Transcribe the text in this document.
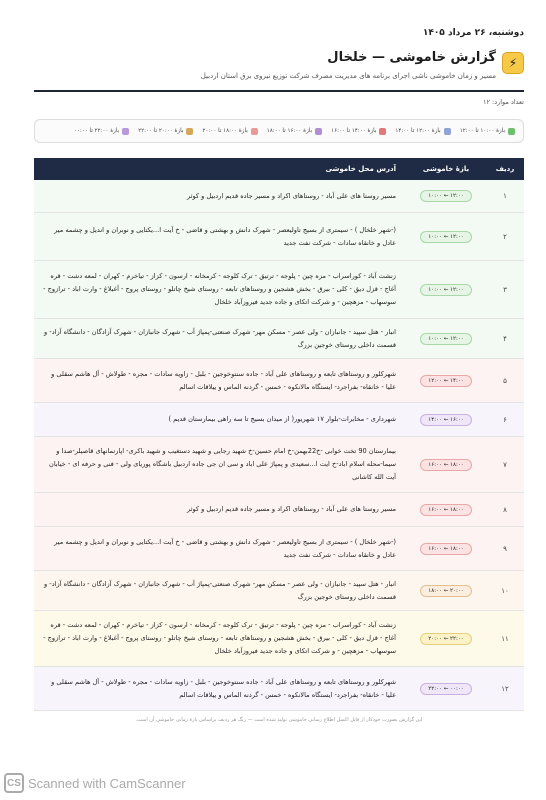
دوشنبه، ۲۶ مرداد ۱۴۰۵
⚡
گزارش خاموشی — خلخال
مسیر و زمان خاموشی ناشی اجرای برنامه های مدیریت مصرف شرکت توزیع نیروی برق استان اردبیل
تعداد موارد: ۱۲
بازهٔ ۱۰:۰۰ تا ۱۲:۰۰
بازهٔ ۱۲:۰۰ تا ۱۴:۰۰
بازهٔ ۱۴:۰۰ تا ۱۶:۰۰
بازهٔ ۱۶:۰۰ تا ۱۸:۰۰
بازهٔ ۱۸:۰۰ تا ۲۰:۰۰
بازهٔ ۲۰:۰۰ تا ۲۲:۰۰
بازهٔ ۲۲:۰۰ تا ۰۰:۰۰
ردیف
بازهٔ خاموشی
آدرس محل خاموشی
۱
۱۰:۰۰ ← ۱۲:۰۰
مسیر روستا های علی آباد - روستاهای اکراد و مسیر جاده قدیم اردبیل و کوثر
۲
۱۰:۰۰ ← ۱۲:۰۰
(-شهر خلخال ) - سیمتری از بسیج تاولیعصر - شهرک دانش و بهشتی و قاضی - خ آیت ا...یکتایی و نوبران و اندیل و چشمه میر عادل و خانقاه سادات - شرکت نفت جدید
۳
۱۰:۰۰ ← ۱۲:۰۰
زنشت آباد - کوراسراب - مزه چین - پلوجه - ترتیق - ترک کلوجه - کرمخانه - ارسون - کزاز - تیاخرم - کهران - لمعه دشت - قره آغاج - قزل دیق - کلی - بیرق - بخش هشجین و روستاهای تابعه - روستای شیخ چاتلو - روستای پروج - آغبلاغ - وارت اباد - ترازوج - سوسهاب - مزهچین - و شرکت اتکای و جاده جدید فیروزآباد خلخال
۴
۱۰:۰۰ ← ۱۲:۰۰
انبار - هتل سپید - جانبازان - ولی عصر - مسکن مهر- شهرک صنعتی-پمپاژ آب - شهرک جانبازان - شهرک آزادگان - دانشگاه آزاد- و قسمت داخلی روستای خوجین بزرگ
۵
۱۲:۰۰ ← ۱۴:۰۰
شهرکلور و روستاهای تابعه و روستاهای علی آباد - جاده سنتوخوجین - بلبل - زاویه سادات - مجره - طولاش - آل هاشم سقلی و علیا - خانقاه- بفراجرد- ایستگاه مالانکوه - خمس - گردنه الماس و ییلاقات اسالم
۶
۱۴:۰۰ ← ۱۶:۰۰
شهرداری - مخابرات-بلوار ۱۷ شهریور( از میدان بسیج تا سه راهی بیمارستان قدیم )
۷
۱۶:۰۰ ← ۱۸:۰۰
بیمارستان 90 تخت خوابی -خ22بهمن-خ امام حسین-خ شهید رجایی و شهید دستغیب و شهید باکری- اپارتمانهای قاصیلر-صدا و سیما-محله اسلام اباد-خ ایت ا...سعیدی و پمپاژ علی اباد و سی ان جی جاده اردبیل باشگاه پوریای ولی - فنی و حرفه ای - خیابان آیت الله کاشانی
۸
۱۶:۰۰ ← ۱۸:۰۰
مسیر روستا های علی آباد - روستاهای اکراد و مسیر جاده قدیم اردبیل و کوثر
۹
۱۶:۰۰ ← ۱۸:۰۰
(-شهر خلخال ) - سیمتری از بسیج تاولیعصر - شهرک دانش و بهشتی و قاضی - خ آیت ا...یکتایی و نوبران و اندیل و چشمه میر عادل و خانقاه سادات - شرکت نفت جدید
۱۰
۱۸:۰۰ ← ۲۰:۰۰
انبار - هتل سپید - جانبازان - ولی عصر - مسکن مهر- شهرک صنعتی-پمپاژ آب - شهرک جانبازان - شهرک آزادگان - دانشگاه آزاد- و قسمت داخلی روستای خوجین بزرگ
۱۱
۲۰:۰۰ ← ۲۲:۰۰
زنشت آباد - کوراسراب - مزه چین - پلوجه - ترتیق - ترک کلوجه - کرمخانه - ارسون - کزاز - تیاخرم - کهران - لمعه دشت - قره آغاج - قزل دیق - کلی - بیرق - بخش هشجین و روستاهای تابعه - روستای شیخ چاتلو - روستای پروج - آغبلاغ - وارت اباد - ترازوج - سوسهاب - مزهچین - و شرکت اتکای و جاده جدید فیروزآباد خلخال
۱۲
۲۲:۰۰ ← ۰۰:۰۰
شهرکلور و روستاهای تابعه و روستاهای علی آباد - جاده سنتوخوجین - بلبل - زاویه سادات - مجره - طولاش - آل هاشم سقلی و علیا - خانقاه- بفراجرد- ایستگاه مالانکوه - خمس - گردنه الماس و ییلاقات اسالم
این گزارش بصورت خودکار از فایل اکسل اطلاع رسانی خاموشی تولید شده است — رنگ هر ردیف براساس بازهٔ زمانی خاموشی آن است.
CS Scanned with CamScanner
